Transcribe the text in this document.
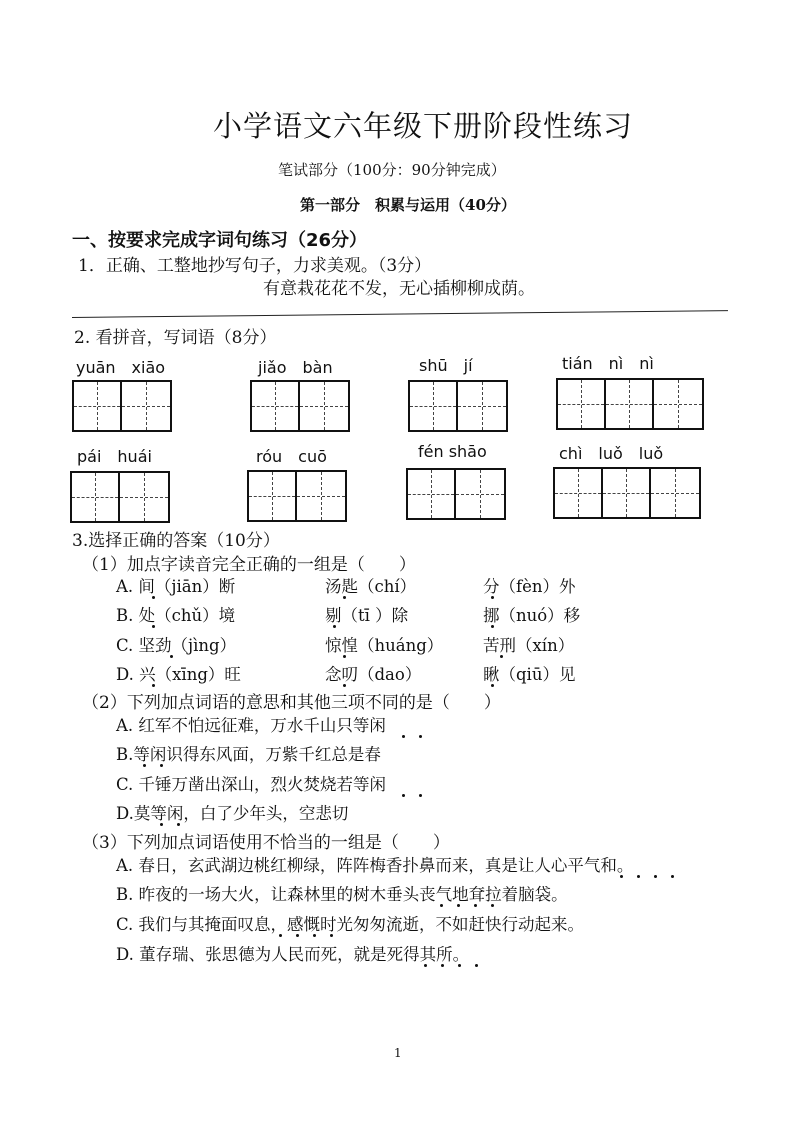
小学语文六年级下册阶段性练习
笔试部分（100分：90分钟完成）
第一部分　积累与运用（40分）
一、按要求完成字词句练习（26分）
1．正确、工整地抄写句子，力求美观。（3分）
有意栽花花不发，无心插柳柳成荫。
2. 看拼音，写词语（8分）
yuān　xiāo	jiǎo　bàn	shū　jí	tián　nì　nì
pái　huái	róu　cuō	fén shāo	chì　luǒ　luǒ
3.选择正确的答案（10分）
（1）加点字读音完全正确的一组是（　　）
A. 间（jiān）断	汤匙（chí）	分（fèn）外
B. 处（chǔ）境	剔（tī ）除	挪（nuó）移
C. 坚劲（jìng）	惊惶（huáng） 苦刑（xín）
D. 兴（xīng）旺	念叨（dao）	瞅（qiū）见
（2）下列加点词语的意思和其他三项不同的是（　　）
A. 红军不怕远征难，万水千山只等闲
B.等闲识得东风面，万紫千红总是春
C. 千锤万凿出深山，烈火焚烧若等闲
D.莫等闲，白了少年头，空悲切
（3）下列加点词语使用不恰当的一组是（　　）
A. 春日，玄武湖边桃红柳绿，阵阵梅香扑鼻而来，真是让人心平气和。
B. 昨夜的一场大火，让森林里的树木垂头丧气地耷拉着脑袋。
C. 我们与其掩面叹息，感慨时光匆匆流逝，不如赶快行动起来。
D. 董存瑞、张思德为人民而死，就是死得其所。
1
